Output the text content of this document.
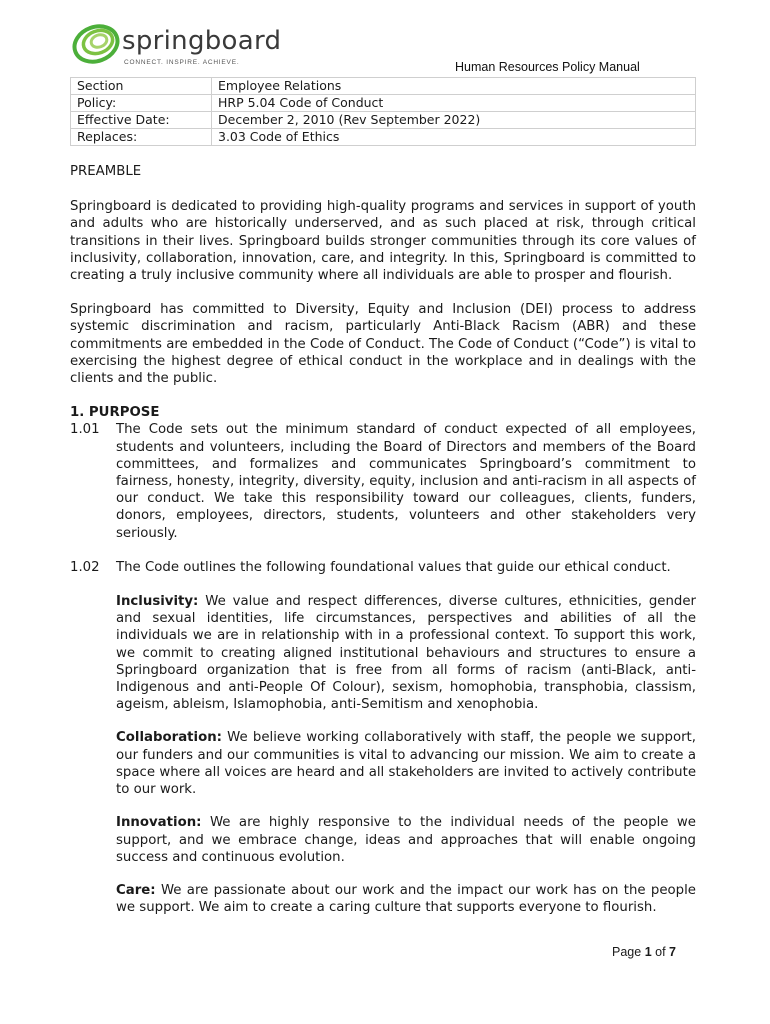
springboard
CONNECT. INSPIRE. ACHIEVE.	Human Resources Policy Manual
Section	Employee Relations
Policy:	HRP 5.04 Code of Conduct
Effective Date:	December 2, 2010 (Rev September 2022)
Replaces:	3.03 Code of Ethics

PREAMBLE

Springboard is dedicated to providing high-quality programs and services in support of youth and adults who are historically underserved, and as such placed at risk, through critical transitions in their lives. Springboard builds stronger communities through its core values of inclusivity, collaboration, innovation, care, and integrity. In this, Springboard is committed to creating a truly inclusive community where all individuals are able to prosper and flourish.

Springboard has committed to Diversity, Equity and Inclusion (DEI) process to address systemic discrimination and racism, particularly Anti-Black Racism (ABR) and these commitments are embedded in the Code of Conduct. The Code of Conduct (“Code”) is vital to exercising the highest degree of ethical conduct in the workplace and in dealings with the clients and the public.

1. PURPOSE

1.01	The Code sets out the minimum standard of conduct expected of all employees, students and volunteers, including the Board of Directors and members of the Board committees, and formalizes and communicates Springboard’s commitment to fairness, honesty, integrity, diversity, equity, inclusion and anti-racism in all aspects of our conduct. We take this responsibility toward our colleagues, clients, funders, donors, employees, directors, students, volunteers and other stakeholders very seriously.
1.02	The Code outlines the following foundational values that guide our ethical conduct.

Inclusivity: We value and respect differences, diverse cultures, ethnicities, gender and sexual identities, life circumstances, perspectives and abilities of all the individuals we are in relationship with in a professional context. To support this work, we commit to creating aligned institutional behaviours and structures to ensure a Springboard organization that is free from all forms of racism (anti-Black, anti-Indigenous and anti-People Of Colour), sexism, homophobia, transphobia, classism, ageism, ableism, Islamophobia, anti-Semitism and xenophobia.

Collaboration: We believe working collaboratively with staff, the people we support, our funders and our communities is vital to advancing our mission. We aim to create a space where all voices are heard and all stakeholders are invited to actively contribute to our work.

Innovation: We are highly responsive to the individual needs of the people we support, and we embrace change, ideas and approaches that will enable ongoing success and continuous evolution.

Care: We are passionate about our work and the impact our work has on the people we support. We aim to create a caring culture that supports everyone to flourish.

Page 1 of 7
